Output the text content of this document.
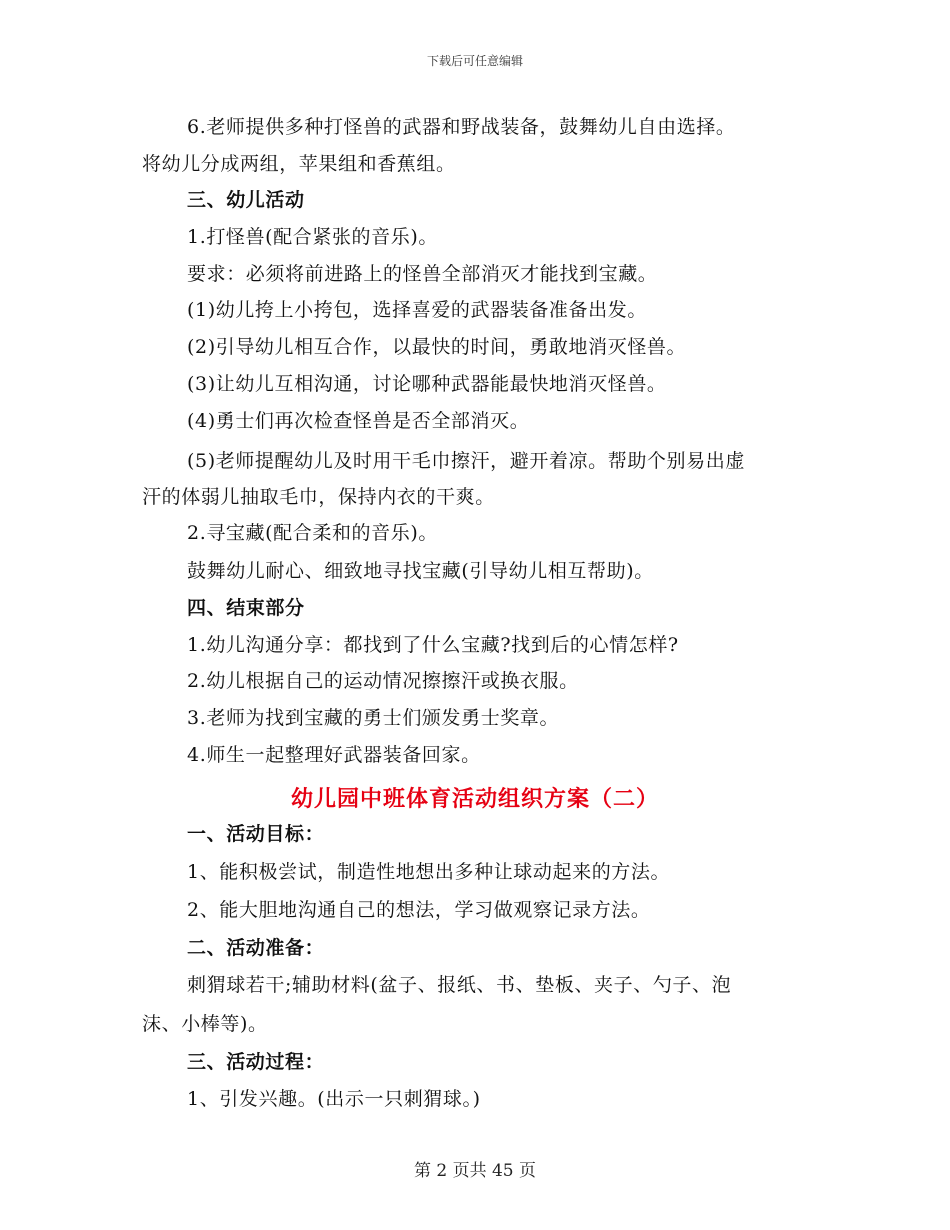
下载后可任意编辑
6.老师提供多种打怪兽的武器和野战装备，鼓舞幼儿自由选择。
将幼儿分成两组，苹果组和香蕉组。
三、幼儿活动
1.打怪兽(配合紧张的音乐)。
要求：必须将前进路上的怪兽全部消灭才能找到宝藏。
(1)幼儿挎上小挎包，选择喜爱的武器装备准备出发。
(2)引导幼儿相互合作，以最快的时间，勇敢地消灭怪兽。
(3)让幼儿互相沟通，讨论哪种武器能最快地消灭怪兽。
(4)勇士们再次检查怪兽是否全部消灭。
(5)老师提醒幼儿及时用干毛巾擦汗，避开着凉。帮助个别易出虚
汗的体弱儿抽取毛巾，保持内衣的干爽。
2.寻宝藏(配合柔和的音乐)。
鼓舞幼儿耐心、细致地寻找宝藏(引导幼儿相互帮助)。
四、结束部分
1.幼儿沟通分享：都找到了什么宝藏?找到后的心情怎样?
2.幼儿根据自己的运动情况擦擦汗或换衣服。
3.老师为找到宝藏的勇士们颁发勇士奖章。
4.师生一起整理好武器装备回家。
幼儿园中班体育活动组织方案（二）
一、活动目标：
1、能积极尝试，制造性地想出多种让球动起来的方法。
2、能大胆地沟通自己的想法，学习做观察记录方法。
二、活动准备：
刺猬球若干;辅助材料(盆子、报纸、书、垫板、夹子、勺子、泡
沫、小棒等)。
三、活动过程：
1、引发兴趣。(出示一只刺猬球。)
第 2 页共 45 页
